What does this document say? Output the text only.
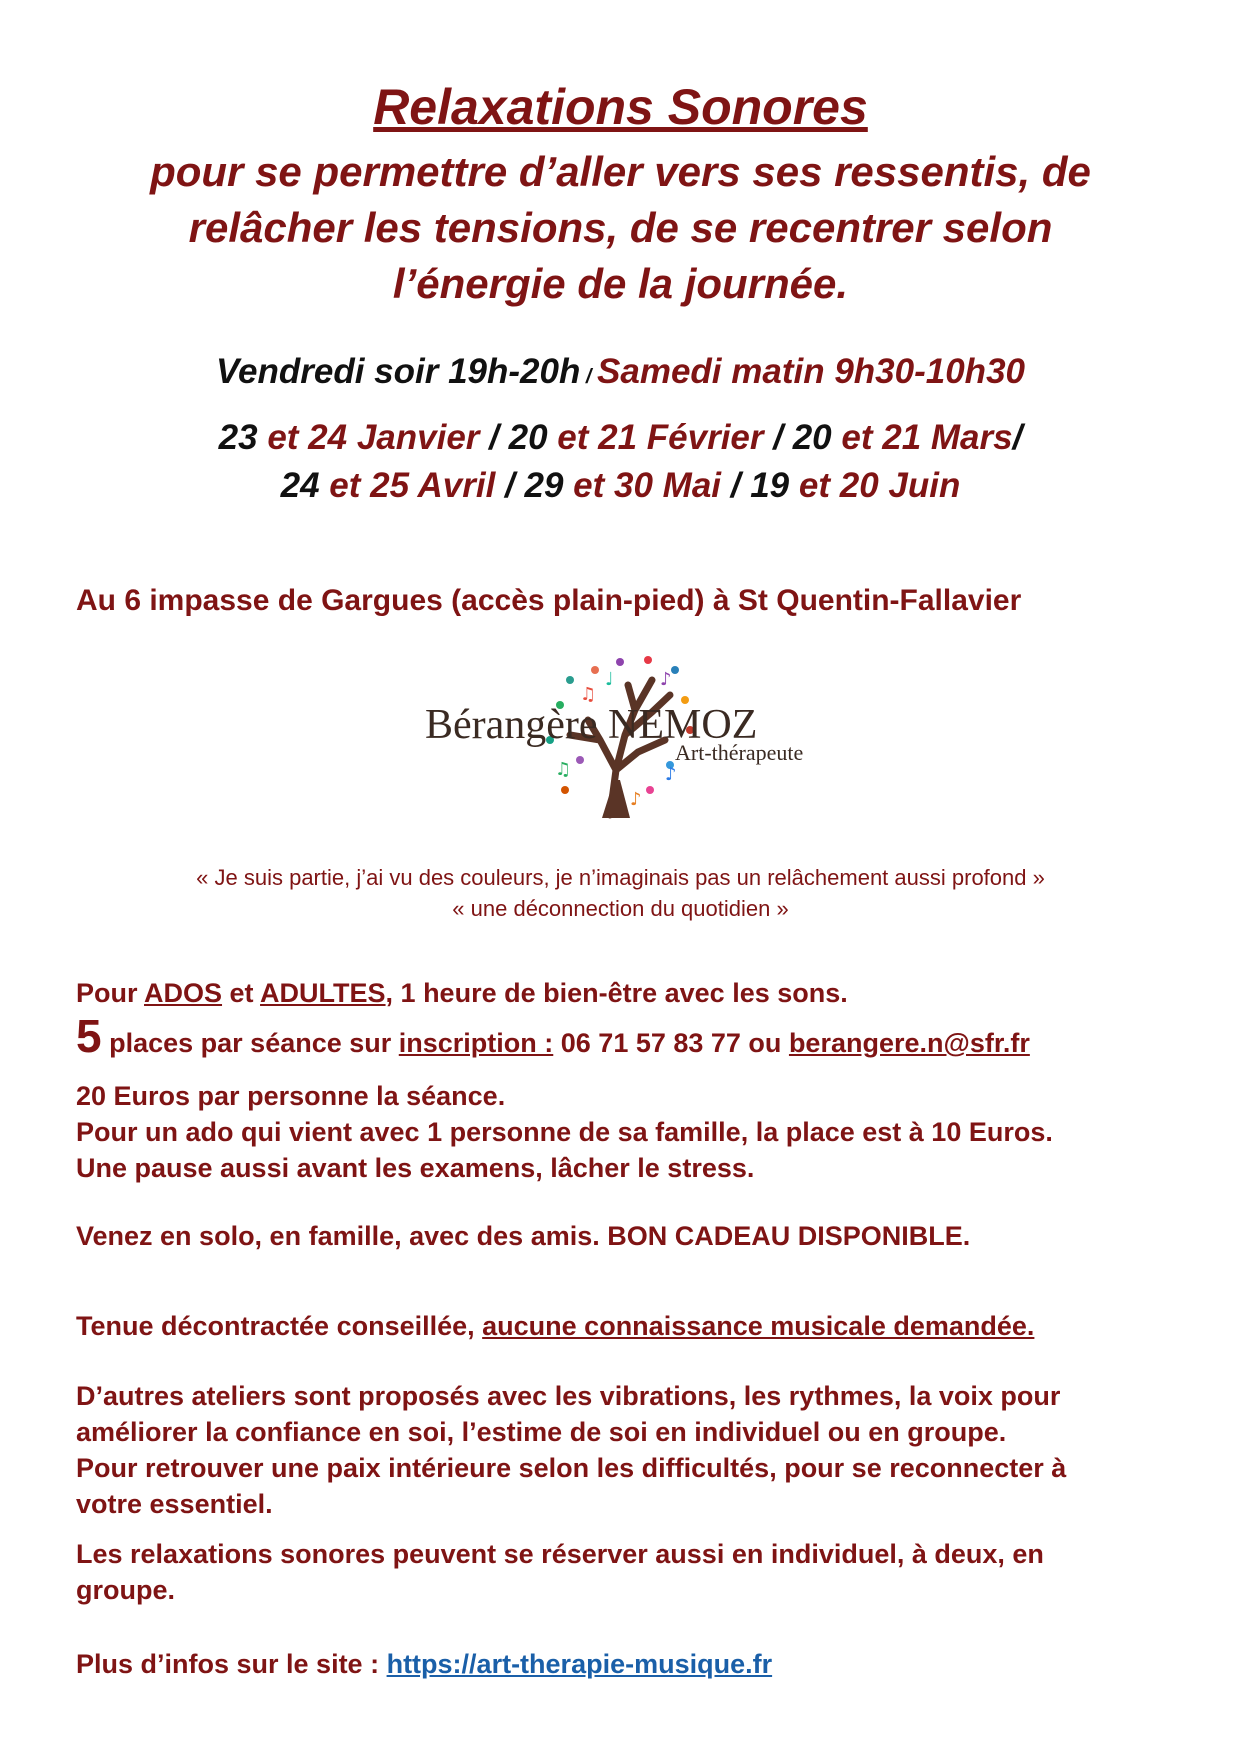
Relaxations Sonores
pour se permettre d’aller vers ses ressentis, de
relâcher les tensions, de se recentrer selon
l’énergie de la journée.
Vendredi soir 19h-20h / Samedi matin 9h30-10h30
23 et 24 Janvier / 20 et 21 Février / 20 et 21 Mars/
24 et 25 Avril / 29 et 30 Mai / 19 et 20 Juin

Au 6 impasse de Gargues (accès plain-pied) à St Quentin-Fallavier

♪
♫
♪
♫
♪
♩
Bérangère NEMOZ
Art-thérapeute
« Je suis partie, j’ai vu des couleurs, je n’imaginais pas un relâchement aussi profond »
« une déconnection du quotidien »
Pour ADOS et ADULTES, 1 heure de bien-être avec les sons.
5 places par séance sur inscription : 06 71 57 83 77 ou berangere.n@sfr.fr
20 Euros par personne la séance.
Pour un ado qui vient avec 1 personne de sa famille, la place est à 10 Euros.
Une pause aussi avant les examens, lâcher le stress.
Venez en solo, en famille, avec des amis. BON CADEAU DISPONIBLE.
Tenue décontractée conseillée, aucune connaissance musicale demandée.
D’autres ateliers sont proposés avec les vibrations, les rythmes, la voix pour
améliorer la confiance en soi, l’estime de soi en individuel ou en groupe.
Pour retrouver une paix intérieure selon les difficultés, pour se reconnecter à
votre essentiel.
Les relaxations sonores peuvent se réserver aussi en individuel, à deux, en
groupe.
Plus d’infos sur le site : https://art-therapie-musique.fr
